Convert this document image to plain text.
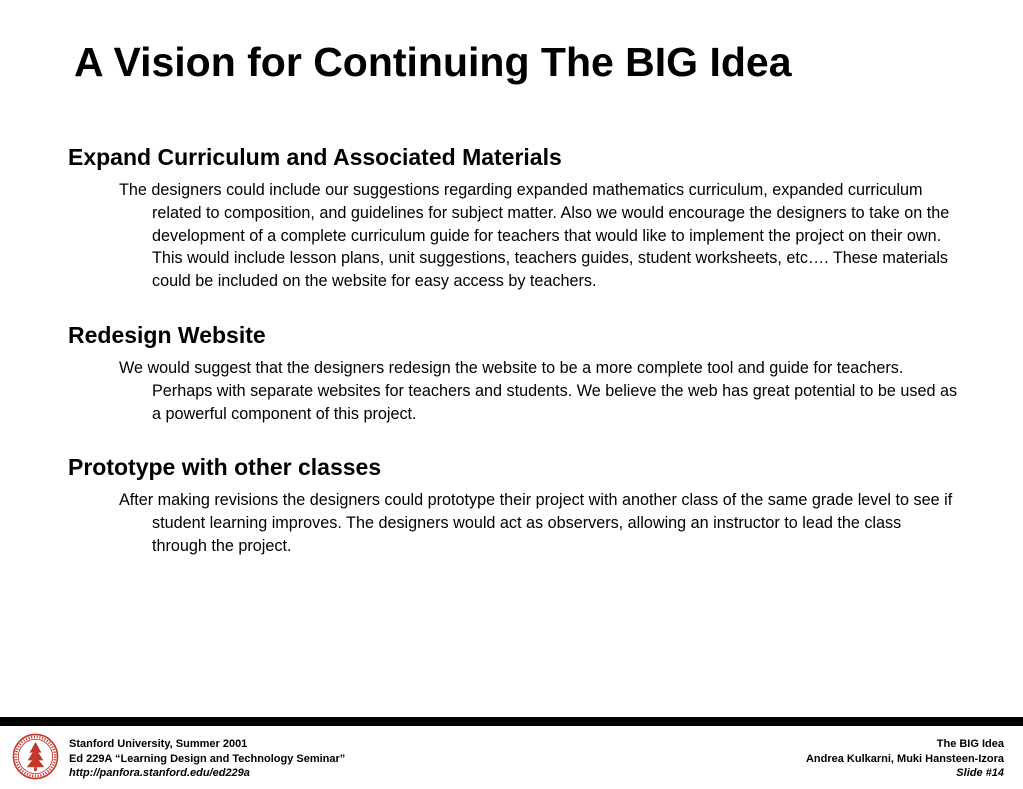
A Vision for Continuing The BIG Idea
Expand Curriculum and Associated Materials

The designers could include our suggestions regarding expanded mathematics curriculum, expanded curriculum related to composition, and guidelines for subject matter. Also we would encourage the designers to take on the development of a complete curriculum guide for teachers that would like to implement the project on their own. This would include lesson plans, unit suggestions, teachers guides, student worksheets, etc…. These materials could be included on the website for easy access by teachers.

Redesign Website

We would suggest that the designers redesign the website to be a more complete tool and guide for teachers. Perhaps with separate websites for teachers and students. We believe the web has great potential to be used as a powerful component of this project.

Prototype with other classes

After making revisions the designers could prototype their project with another class of the same grade level to see if student learning improves. The designers would act as observers, allowing an instructor to lead the class through the project.

Stanford University, Summer 2001
Ed 229A “Learning Design and Technology Seminar”
http://panfora.stanford.edu/ed229a
The BIG Idea
Andrea Kulkarni, Muki Hansteen-Izora
Slide #14
